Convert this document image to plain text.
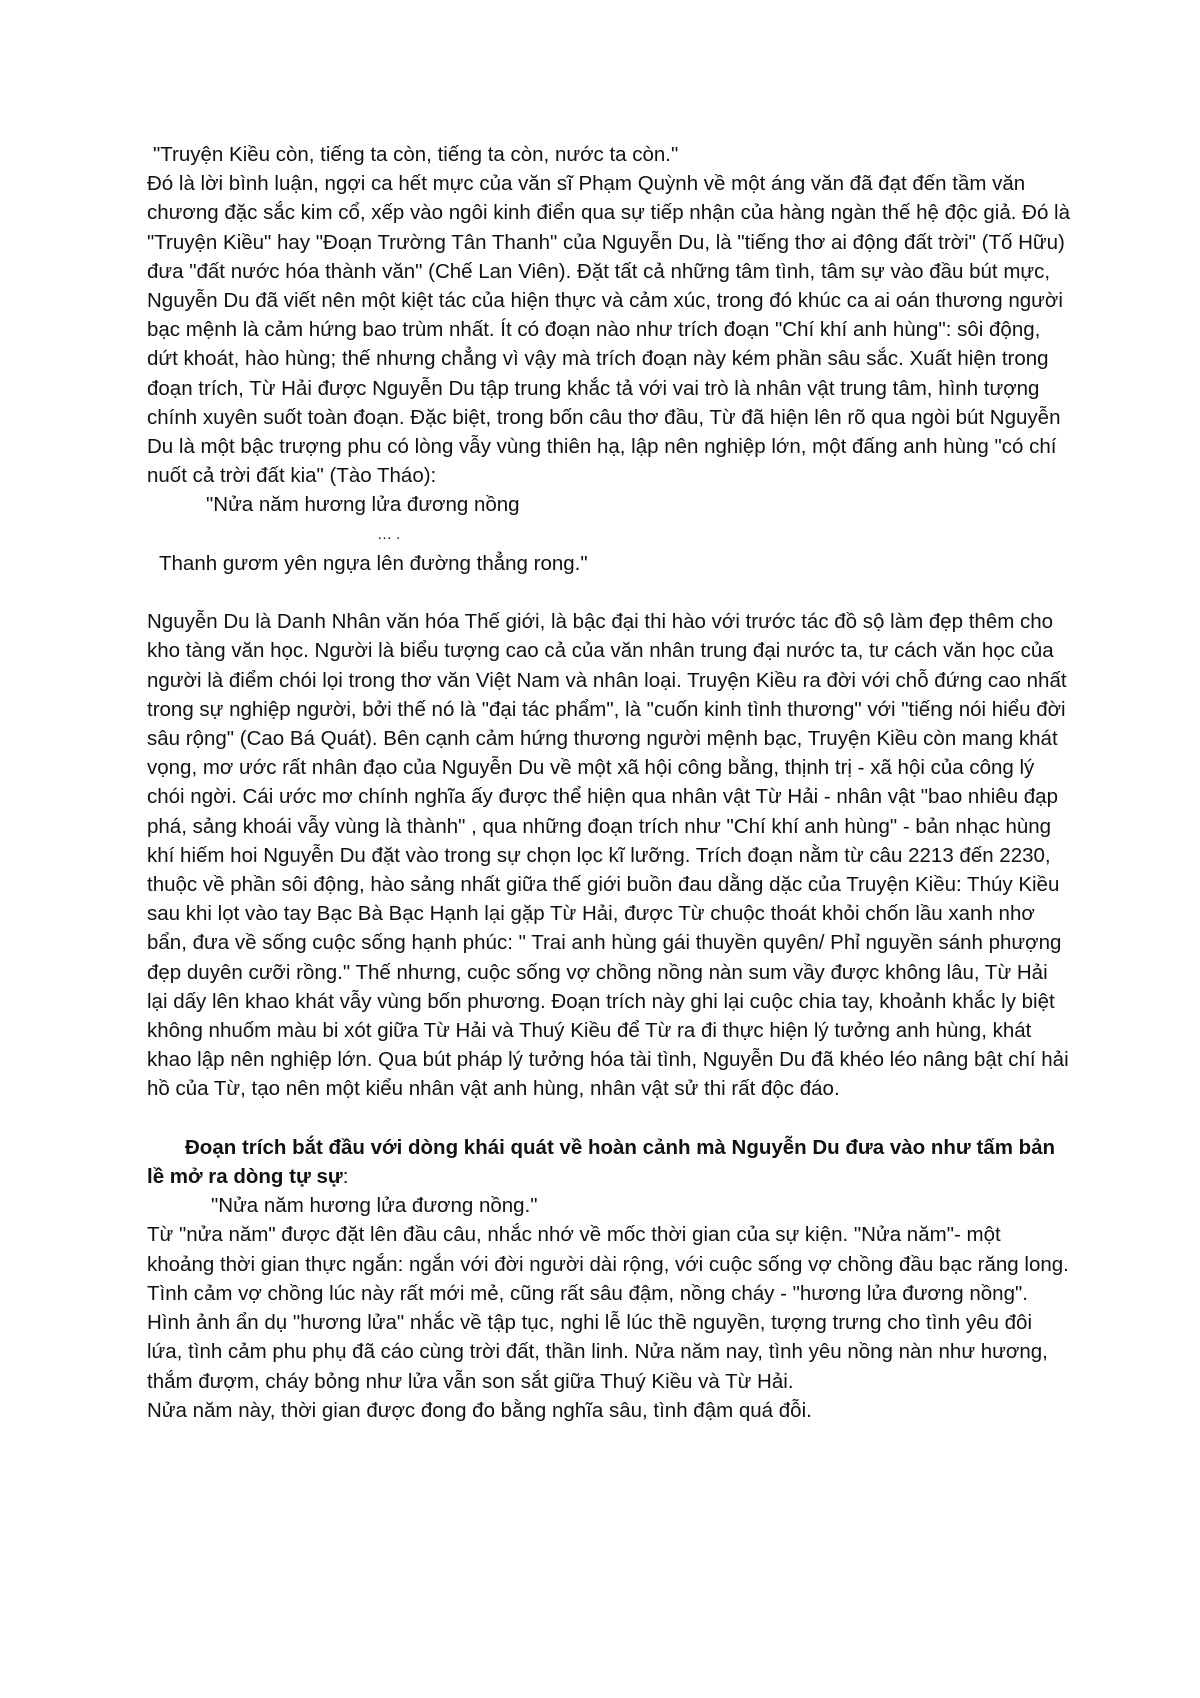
"Truyện Kiều còn, tiếng ta còn, tiếng ta còn, nước ta còn."

Đó là lời bình luận, ngợi ca hết mực của văn sĩ Phạm Quỳnh về một áng văn đã đạt đến tầm văn chương đặc sắc kim cổ, xếp vào ngôi kinh điển qua sự tiếp nhận của hàng ngàn thế hệ độc giả. Đó là "Truyện Kiều" hay "Đoạn Trường Tân Thanh" của Nguyễn Du, là "tiếng thơ ai động đất trời" (Tố Hữu) đưa "đất nước hóa thành văn" (Chế Lan Viên). Đặt tất cả những tâm tình, tâm sự vào đầu bút mực, Nguyễn Du đã viết nên một kiệt tác của hiện thực và cảm xúc, trong đó khúc ca ai oán thương người bạc mệnh là cảm hứng bao trùm nhất. Ít có đoạn nào như trích đoạn "Chí khí anh hùng": sôi động, dứt khoát, hào hùng; thế nhưng chẳng vì vậy mà trích đoạn này kém phần sâu sắc. Xuất hiện trong đoạn trích, Từ Hải được Nguyễn Du tập trung khắc tả với vai trò là nhân vật trung tâm, hình tượng chính xuyên suốt toàn đoạn. Đặc biệt, trong bốn câu thơ đầu, Từ đã hiện lên rõ qua ngòi bút Nguyễn Du là một bậc trượng phu có lòng vẫy vùng thiên hạ, lập nên nghiệp lớn, một đấng anh hùng "có chí nuốt cả trời đất kia" (Tào Tháo):

"Nửa năm hương lửa đương nồng

… .

Thanh gươm yên ngựa lên đường thẳng rong."

Nguyễn Du là Danh Nhân văn hóa Thế giới, là bậc đại thi hào với trước tác đồ sộ làm đẹp thêm cho kho tàng văn học. Người là biểu tượng cao cả của văn nhân trung đại nước ta, tư cách văn học của người là điểm chói lọi trong thơ văn Việt Nam và nhân loại. Truyện Kiều ra đời với chỗ đứng cao nhất trong sự nghiệp người, bởi thế nó là "đại tác phẩm", là "cuốn kinh tình thương" với "tiếng nói hiểu đời sâu rộng" (Cao Bá Quát). Bên cạnh cảm hứng thương người mệnh bạc, Truyện Kiều còn mang khát vọng, mơ ước rất nhân đạo của Nguyễn Du về một xã hội công bằng, thịnh trị - xã hội của công lý chói ngời. Cái ước mơ chính nghĩa ấy được thể hiện qua nhân vật Từ Hải - nhân vật "bao nhiêu đạp phá, sảng khoái vẫy vùng là thành" , qua những đoạn trích như "Chí khí anh hùng" - bản nhạc hùng khí hiếm hoi Nguyễn Du đặt vào trong sự chọn lọc kĩ lưỡng. Trích đoạn nằm từ câu 2213 đến 2230, thuộc về phần sôi động, hào sảng nhất giữa thế giới buồn đau dằng dặc của Truyện Kiều: Thúy Kiều sau khi lọt vào tay Bạc Bà Bạc Hạnh lại gặp Từ Hải, được Từ chuộc thoát khỏi chốn lầu xanh nhơ bẩn, đưa về sống cuộc sống hạnh phúc: " Trai anh hùng gái thuyền quyên/ Phỉ nguyền sánh phượng đẹp duyên cưỡi rồng." Thế nhưng, cuộc sống vợ chồng nồng nàn sum vầy được không lâu, Từ Hải lại dấy lên khao khát vẫy vùng bốn phương. Đoạn trích này ghi lại cuộc chia tay, khoảnh khắc ly biệt không nhuốm màu bi xót giữa Từ Hải và Thuý Kiều để Từ ra đi thực hiện lý tưởng anh hùng, khát khao lập nên nghiệp lớn. Qua bút pháp lý tưởng hóa tài tình, Nguyễn Du đã khéo léo nâng bật chí hải hồ của Từ, tạo nên một kiểu nhân vật anh hùng, nhân vật sử thi rất độc đáo.

Đoạn trích bắt đầu với dòng khái quát về hoàn cảnh mà Nguyễn Du đưa vào như tấm bản lề mở ra dòng tự sự:

"Nửa năm hương lửa đương nồng."

Từ "nửa năm" được đặt lên đầu câu, nhắc nhớ về mốc thời gian của sự kiện. "Nửa năm"- một khoảng thời gian thực ngắn: ngắn với đời người dài rộng, với cuộc sống vợ chồng đầu bạc răng long. Tình cảm vợ chồng lúc này rất mới mẻ, cũng rất sâu đậm, nồng cháy - "hương lửa đương nồng". Hình ảnh ẩn dụ "hương lửa" nhắc về tập tục, nghi lễ lúc thề nguyền, tượng trưng cho tình yêu đôi lứa, tình cảm phu phụ đã cáo cùng trời đất, thần linh. Nửa năm nay, tình yêu nồng nàn như hương, thắm đượm, cháy bỏng như lửa vẫn son sắt giữa Thuý Kiều và Từ Hải.

Nửa năm này, thời gian được đong đo bằng nghĩa sâu, tình đậm quá đỗi.
